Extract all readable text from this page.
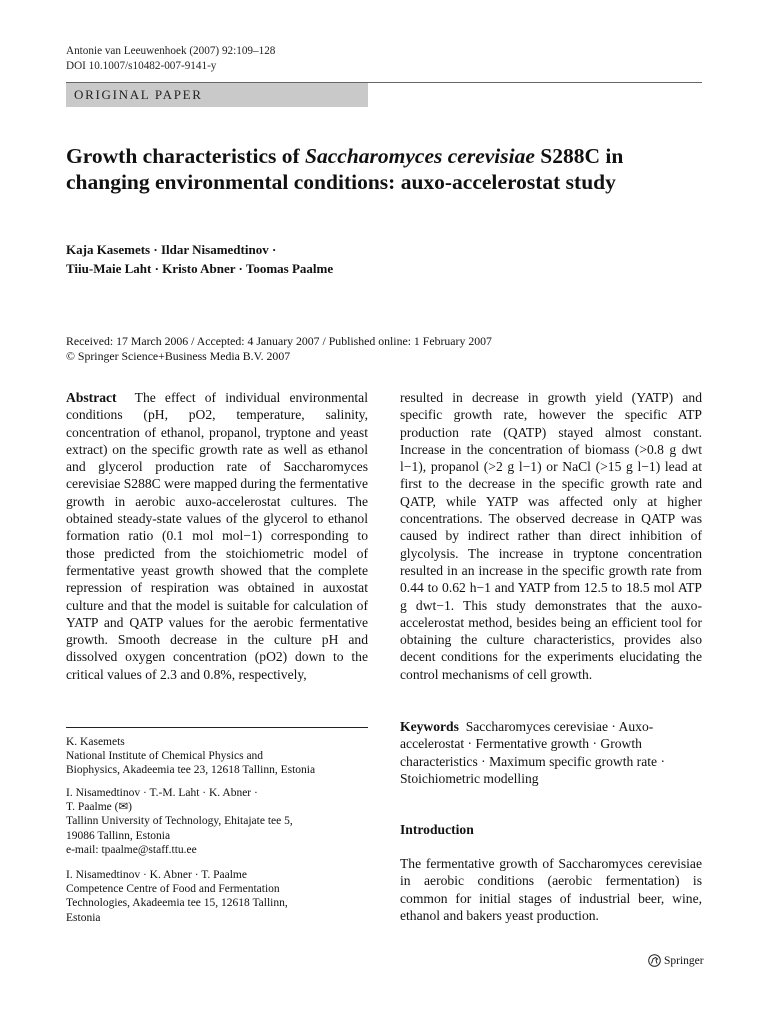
Antonie van Leeuwenhoek (2007) 92:109–128
DOI 10.1007/s10482-007-9141-y
ORIGINAL PAPER
Growth characteristics of Saccharomyces cerevisiae S288C in changing environmental conditions: auxo-accelerostat study
Kaja Kasemets · Ildar Nisamedtinov ·
Tiiu-Maie Laht · Kristo Abner · Toomas Paalme
Received: 17 March 2006 / Accepted: 4 January 2007 / Published online: 1 February 2007
© Springer Science+Business Media B.V. 2007

Abstract The effect of individual environmental conditions (pH, pO2, temperature, salinity, concentration of ethanol, propanol, tryptone and yeast extract) on the specific growth rate as well as ethanol and glycerol production rate of Saccharomyces cerevisiae S288C were mapped during the fermentative growth in aerobic auxo-accelerostat cultures. The obtained steady-state values of the glycerol to ethanol formation ratio (0.1 mol mol−1) corresponding to those predicted from the stoichiometric model of fermentative yeast growth showed that the complete repression of respiration was obtained in auxostat culture and that the model is suitable for calculation of YATP and QATP values for the aerobic fermentative growth. Smooth decrease in the culture pH and dissolved oxygen concentration (pO2) down to the critical values of 2.3 and 0.8%, respectively,

K. Kasemets

National Institute of Chemical Physics and

Biophysics, Akadeemia tee 23, 12618 Tallinn, Estonia

I. Nisamedtinov · T.-M. Laht · K. Abner ·

T. Paalme (✉)

Tallinn University of Technology, Ehitajate tee 5,

19086 Tallinn, Estonia

e-mail: tpaalme@staff.ttu.ee

I. Nisamedtinov · K. Abner · T. Paalme

Competence Centre of Food and Fermentation

Technologies, Akadeemia tee 15, 12618 Tallinn,

Estonia

resulted in decrease in growth yield (YATP) and specific growth rate, however the specific ATP production rate (QATP) stayed almost constant. Increase in the concentration of biomass (>0.8 g dwt l−1), propanol (>2 g l−1) or NaCl (>15 g l−1) lead at first to the decrease in the specific growth rate and QATP, while YATP was affected only at higher concentrations. The observed decrease in QATP was caused by indirect rather than direct inhibition of glycolysis. The increase in tryptone concentration resulted in an increase in the specific growth rate from 0.44 to 0.62 h−1 and YATP from 12.5 to 18.5 mol ATP g dwt−1. This study demonstrates that the auxo-accelerostat method, besides being an efficient tool for obtaining the culture characteristics, provides also decent conditions for the experiments elucidating the control mechanisms of cell growth.

Keywords Saccharomyces cerevisiae · Auxo-accelerostat · Fermentative growth · Growth characteristics · Maximum specific growth rate · Stoichiometric modelling
Introduction
The fermentative growth of Saccharomyces cerevisiae in aerobic conditions (aerobic fermentation) is common for initial stages of industrial beer, wine, ethanol and bakers yeast production.
Springer
